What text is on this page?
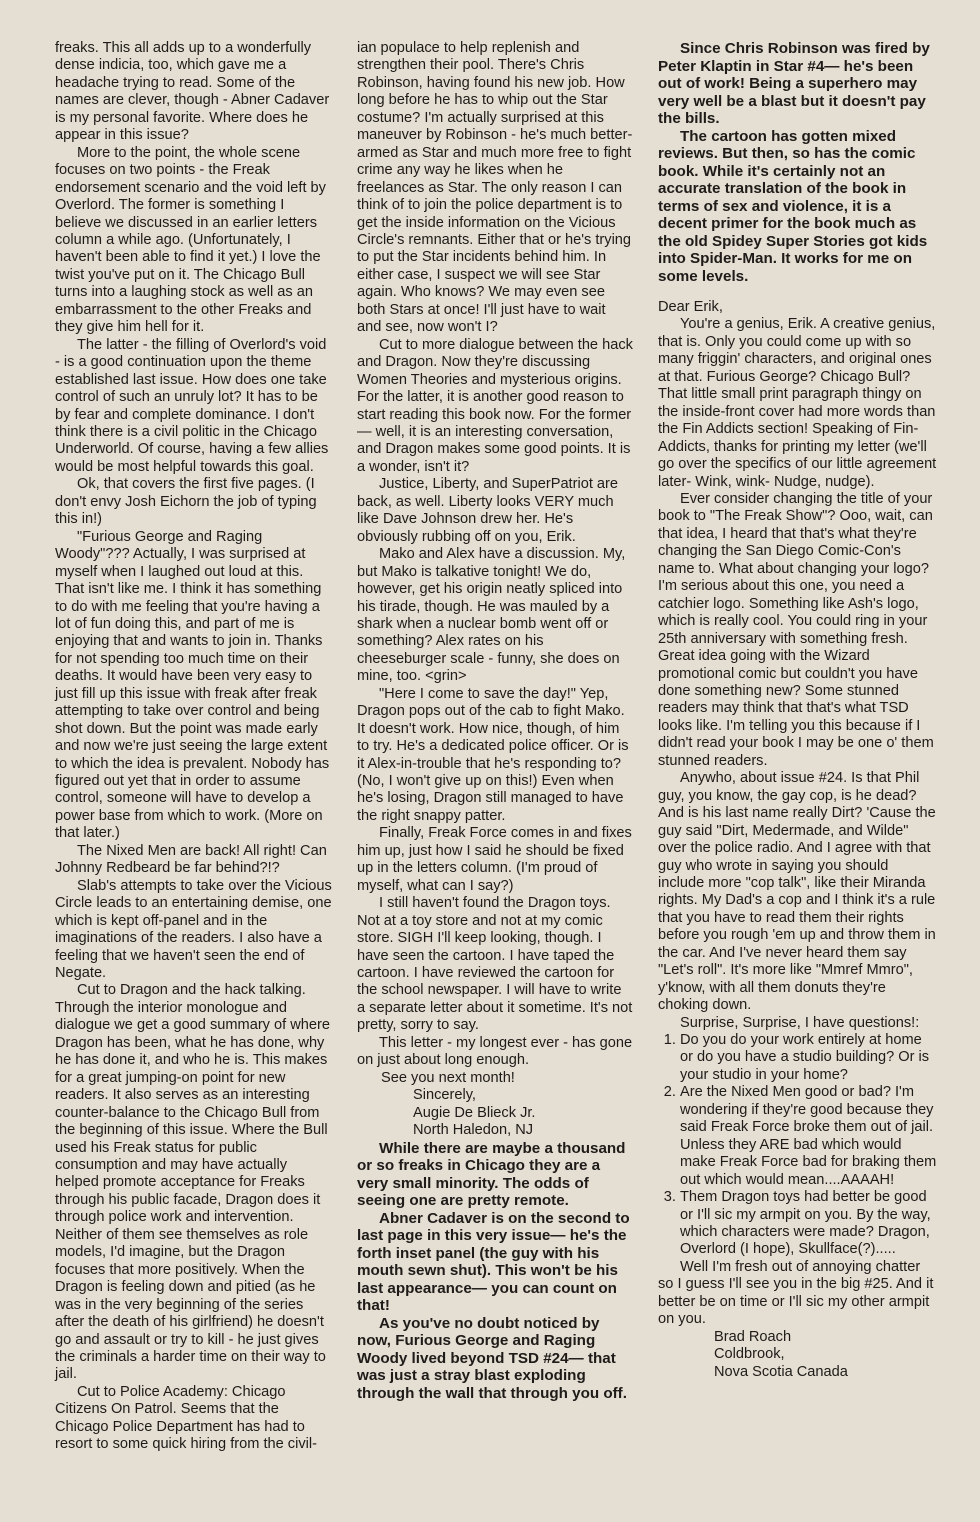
freaks. This all adds up to a wonderfully dense indicia, too, which gave me a headache trying to read. Some of the names are clever, though - Abner Cadaver is my personal favorite. Where does he appear in this issue?

More to the point, the whole scene focuses on two points - the Freak endorsement scenario and the void left by Overlord. The former is something I believe we discussed in an earlier letters column a while ago. (Unfortunately, I haven't been able to find it yet.) I love the twist you've put on it. The Chicago Bull turns into a laughing stock as well as an embarrassment to the other Freaks and they give him hell for it.

The latter - the filling of Overlord's void - is a good continuation upon the theme established last issue. How does one take control of such an unruly lot? It has to be by fear and complete dominance. I don't think there is a civil politic in the Chicago Underworld. Of course, having a few allies would be most helpful towards this goal.

Ok, that covers the first five pages. (I don't envy Josh Eichorn the job of typing this in!)

"Furious George and Raging Woody"??? Actually, I was surprised at myself when I laughed out loud at this. That isn't like me. I think it has something to do with me feeling that you're having a lot of fun doing this, and part of me is enjoying that and wants to join in. Thanks for not spending too much time on their deaths. It would have been very easy to just fill up this issue with freak after freak attempting to take over control and being shot down. But the point was made early and now we're just seeing the large extent to which the idea is prevalent. Nobody has figured out yet that in order to assume control, someone will have to develop a power base from which to work. (More on that later.)

The Nixed Men are back! All right! Can Johnny Redbeard be far behind?!?

Slab's attempts to take over the Vicious Circle leads to an entertaining demise, one which is kept off-panel and in the imaginations of the readers. I also have a feeling that we haven't seen the end of Negate.

Cut to Dragon and the hack talking. Through the interior monologue and dialogue we get a good summary of where Dragon has been, what he has done, why he has done it, and who he is. This makes for a great jumping-on point for new readers. It also serves as an interesting counter-balance to the Chicago Bull from the beginning of this issue. Where the Bull used his Freak status for public consumption and may have actually helped promote acceptance for Freaks through his public facade, Dragon does it through police work and intervention. Neither of them see themselves as role models, I'd imagine, but the Dragon focuses that more positively. When the Dragon is feeling down and pitied (as he was in the very beginning of the series after the death of his girlfriend) he doesn't go and assault or try to kill - he just gives the criminals a harder time on their way to jail.

Cut to Police Academy: Chicago Citizens On Patrol. Seems that the Chicago Police Department has had to resort to some quick hiring from the civil-

ian populace to help replenish and strengthen their pool. There's Chris Robinson, having found his new job. How long before he has to whip out the Star costume? I'm actually surprised at this maneuver by Robinson - he's much better-armed as Star and much more free to fight crime any way he likes when he freelances as Star. The only reason I can think of to join the police department is to get the inside information on the Vicious Circle's remnants. Either that or he's trying to put the Star incidents behind him. In either case, I suspect we will see Star again. Who knows? We may even see both Stars at once! I'll just have to wait and see, now won't I?

Cut to more dialogue between the hack and Dragon. Now they're discussing Women Theories and mysterious origins. For the latter, it is another good reason to start reading this book now. For the former— well, it is an interesting conversation, and Dragon makes some good points. It is a wonder, isn't it?

Justice, Liberty, and SuperPatriot are back, as well. Liberty looks VERY much like Dave Johnson drew her. He's obviously rubbing off on you, Erik.

Mako and Alex have a discussion. My, but Mako is talkative tonight! We do, however, get his origin neatly spliced into his tirade, though. He was mauled by a shark when a nuclear bomb went off or something? Alex rates on his cheeseburger scale - funny, she does on mine, too. <grin>

"Here I come to save the day!" Yep, Dragon pops out of the cab to fight Mako. It doesn't work. How nice, though, of him to try. He's a dedicated police officer. Or is it Alex-in-trouble that he's responding to? (No, I won't give up on this!) Even when he's losing, Dragon still managed to have the right snappy patter.

Finally, Freak Force comes in and fixes him up, just how I said he should be fixed up in the letters column. (I'm proud of myself, what can I say?)

I still haven't found the Dragon toys. Not at a toy store and not at my comic store. SIGH I'll keep looking, though. I have seen the cartoon. I have taped the cartoon. I have reviewed the cartoon for the school newspaper. I will have to write a separate letter about it sometime. It's not pretty, sorry to say.

This letter - my longest ever - has gone on just about long enough.

See you next month!

Sincerely,

Augie De Blieck Jr.

North Haledon, NJ

While there are maybe a thousand or so freaks in Chicago they are a very small minority. The odds of seeing one are pretty remote.

Abner Cadaver is on the second to last page in this very issue— he's the forth inset panel (the guy with his mouth sewn shut). This won't be his last appearance— you can count on that!

As you've no doubt noticed by now, Furious George and Raging Woody lived beyond TSD #24— that was just a stray blast exploding through the wall that through you off.

Since Chris Robinson was fired by Peter Klaptin in Star #4— he's been out of work! Being a superhero may very well be a blast but it doesn't pay the bills.

The cartoon has gotten mixed reviews. But then, so has the comic book. While it's certainly not an accurate translation of the book in terms of sex and violence, it is a decent primer for the book much as the old Spidey Super Stories got kids into Spider-Man. It works for me on some levels.

Dear Erik,

You're a genius, Erik. A creative genius, that is. Only you could come up with so many friggin' characters, and original ones at that. Furious George? Chicago Bull? That little small print paragraph thingy on the inside-front cover had more words than the Fin Addicts section! Speaking of Fin-Addicts, thanks for printing my letter (we'll go over the specifics of our little agreement later- Wink, wink- Nudge, nudge).

Ever consider changing the title of your book to "The Freak Show"? Ooo, wait, can that idea, I heard that that's what they're changing the San Diego Comic-Con's name to. What about changing your logo? I'm serious about this one, you need a catchier logo. Something like Ash's logo, which is really cool. You could ring in your 25th anniversary with something fresh. Great idea going with the Wizard promotional comic but couldn't you have done something new? Some stunned readers may think that that's what TSD looks like. I'm telling you this because if I didn't read your book I may be one o' them stunned readers.

Anywho, about issue #24. Is that Phil guy, you know, the gay cop, is he dead? And is his last name really Dirt? 'Cause the guy said "Dirt, Medermade, and Wilde" over the police radio. And I agree with that guy who wrote in saying you should include more "cop talk", like their Miranda rights. My Dad's a cop and I think it's a rule that you have to read them their rights before you rough 'em up and throw them in the car. And I've never heard them say "Let's roll". It's more like "Mmref Mmro", y'know, with all them donuts they're choking down.

Surprise, Surprise, I have questions!:

1. Do you do your work entirely at home or do you have a studio building? Or is your studio in your home?
2. Are the Nixed Men good or bad? I'm wondering if they're good because they said Freak Force broke them out of jail. Unless they ARE bad which would make Freak Force bad for braking them out which would mean....AAAAH!
3. Them Dragon toys had better be good or I'll sic my armpit on you. By the way, which characters were made? Dragon, Overlord (I hope), Skullface(?).....

Well I'm fresh out of annoying chatter so I guess I'll see you in the big #25. And it better be on time or I'll sic my other armpit on you.

Brad Roach

Coldbrook,

Nova Scotia Canada
